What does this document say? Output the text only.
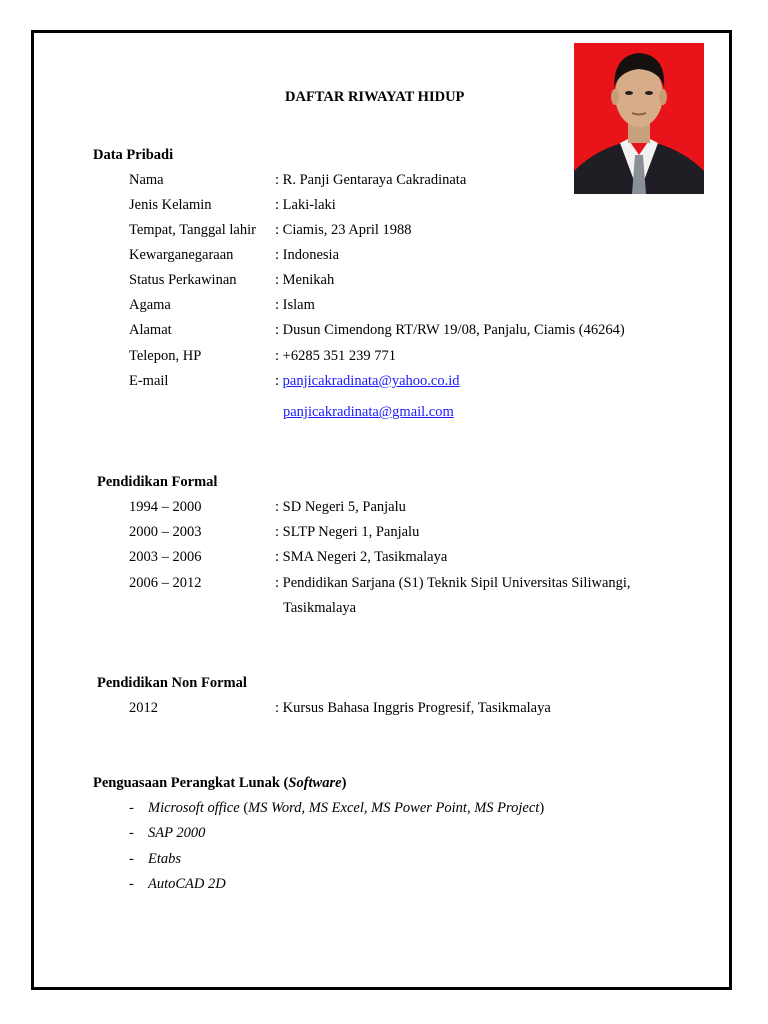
DAFTAR RIWAYAT HIDUP
Data Pribadi
Nama	: R. Panji Gentaraya Cakradinata
Jenis Kelamin	: Laki-laki
Tempat, Tanggal lahir : Ciamis, 23 April 1988
Kewarganegaraan	: Indonesia
Status Perkawinan	: Menikah
Agama	: Islam
Alamat	: Dusun Cimendong RT/RW 19/08, Panjalu, Ciamis (46264)
Telepon, HP	: +6285 351 239 771
E-mail	: panjicakradinata@yahoo.co.id
panjicakradinata@gmail.com
Pendidikan Formal
1994 – 2000	: SD Negeri 5, Panjalu
2000 – 2003	: SLTP Negeri 1, Panjalu
2003 – 2006	: SMA Negeri 2, Tasikmalaya
2006 – 2012	: Pendidikan Sarjana (S1) Teknik Sipil Universitas Siliwangi,
Tasikmalaya
Pendidikan Non Formal
2012	: Kursus Bahasa Inggris Progresif, Tasikmalaya
Penguasaan Perangkat Lunak (Software)
- Microsoft office (MS Word, MS Excel, MS Power Point, MS Project)
- SAP 2000
- Etabs
- AutoCAD 2D
